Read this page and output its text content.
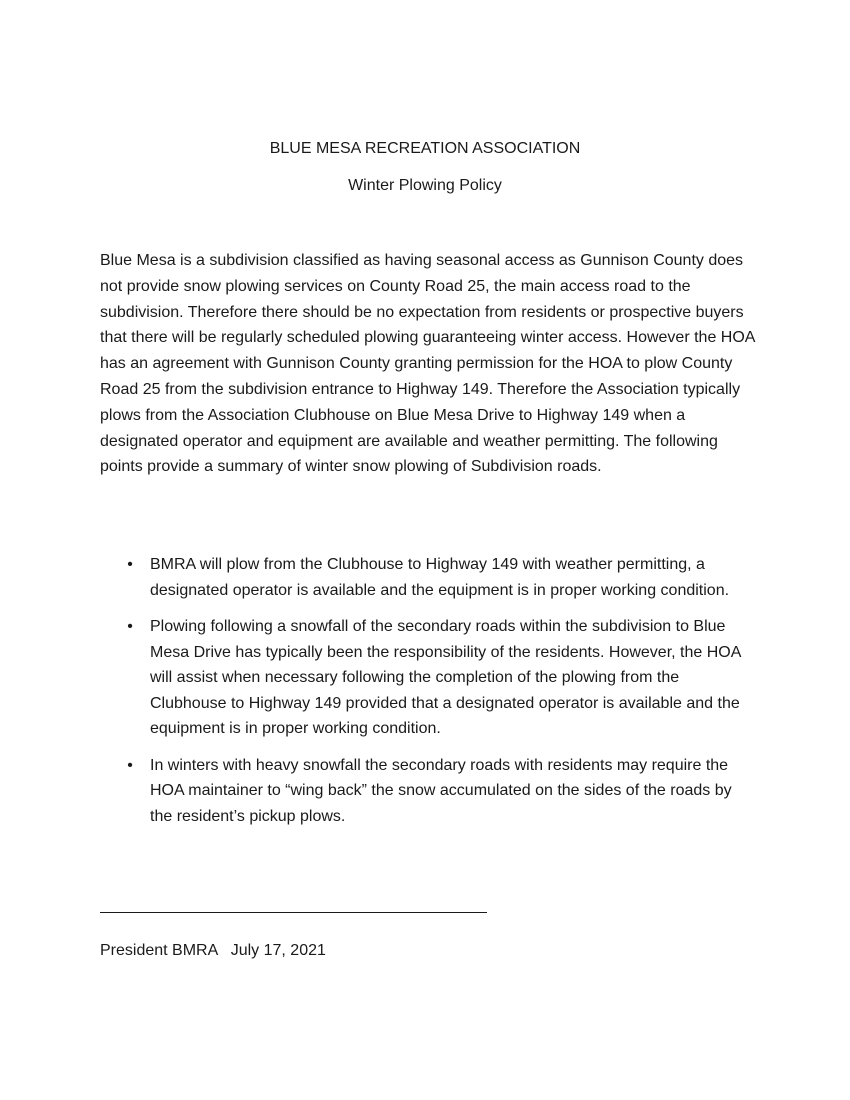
BLUE MESA RECREATION ASSOCIATION
Winter Plowing Policy

Blue Mesa is a subdivision classified as having seasonal access as Gunnison County does not provide snow plowing services on County Road 25, the main access road to the subdivision. Therefore there should be no expectation from residents or prospective buyers that there will be regularly scheduled plowing guaranteeing winter access. However the HOA has an agreement with Gunnison County granting permission for the HOA to plow County Road 25 from the subdivision entrance to Highway 149. Therefore the Association typically plows from the Association Clubhouse on Blue Mesa Drive to Highway 149 when a designated operator and equipment are available and weather permitting. The following points provide a summary of winter snow plowing of Subdivision roads.

• BMRA will plow from the Clubhouse to Highway 149 with weather permitting, a designated operator is available and the equipment is in proper working condition.
• Plowing following a snowfall of the secondary roads within the subdivision to Blue Mesa Drive has typically been the responsibility of the residents. However, the HOA will assist when necessary following the completion of the plowing from the Clubhouse to Highway 149 provided that a designated operator is available and the equipment is in proper working condition.
• In winters with heavy snowfall the secondary roads with residents may require the HOA maintainer to “wing back” the snow accumulated on the sides of the roads by the resident’s pickup plows.

President BMRA   July 17, 2021
